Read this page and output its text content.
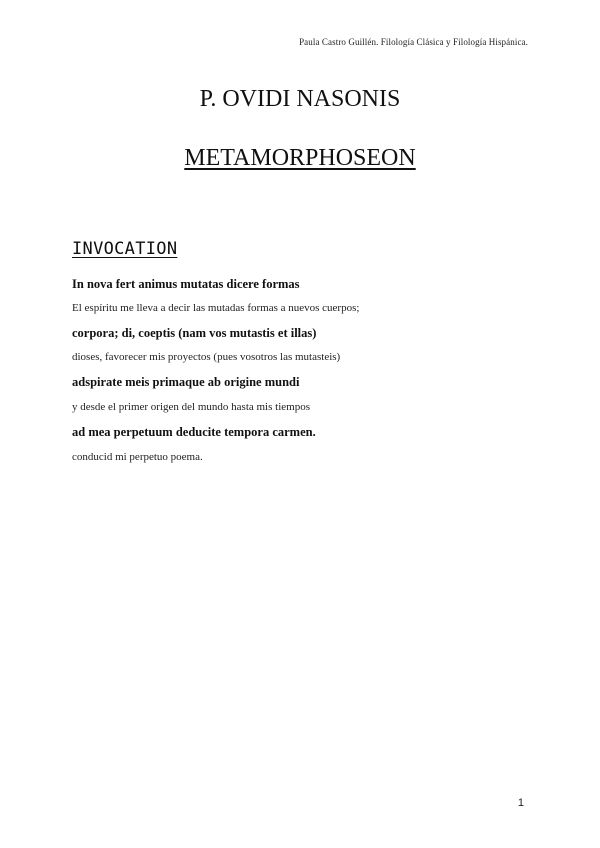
Paula Castro Guillén. Filología Clásica y Filología Hispánica.
P. OVIDI NASONIS
METAMORPHOSEON
INVOCATION

In nova fert animus mutatas dicere formas

El espíritu me lleva a decir las mutadas formas a nuevos cuerpos;

corpora; di, coeptis (nam vos mutastis et illas)

dioses, favorecer mis proyectos (pues vosotros las mutasteis)

adspirate meis primaque ab origine mundi

y desde el primer origen del mundo hasta mis tiempos

ad mea perpetuum deducite tempora carmen.

conducid mi perpetuo poema.

1
